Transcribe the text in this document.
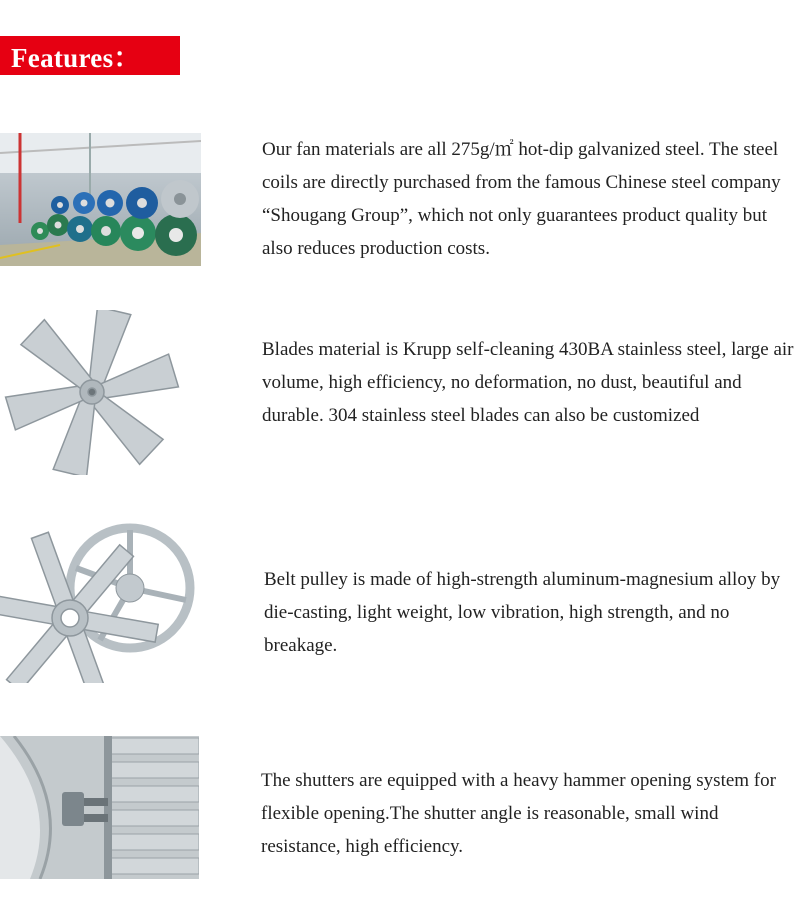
Features：

Our fan materials are all 275g/㎡ hot-dip galvanized steel. The steel coils are directly purchased from the famous Chinese steel company “Shougang Group”, which not only guarantees product quality but also reduces production costs.

Blades material is Krupp self-cleaning 430BA stainless steel, large air volume, high efficiency, no deformation, no dust, beautiful and durable. 304 stainless steel blades can also be customized

Belt pulley is made of high-strength aluminum-magnesium alloy by die-casting, light weight, low vibration, high strength, and no breakage.

The shutters are equipped with a heavy hammer opening system for flexible opening.The shutter angle is reasonable, small wind resistance, high efficiency.
